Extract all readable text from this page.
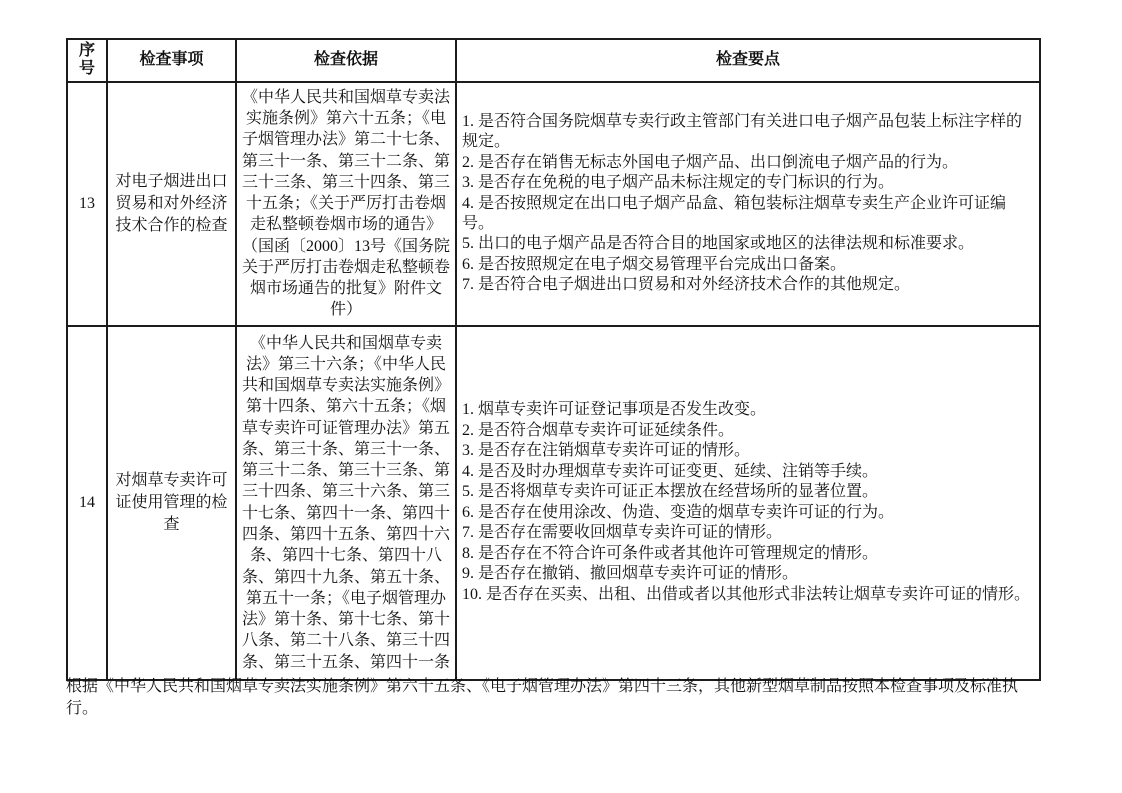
序号	检查事项	检查依据	检查要点
13	对电子烟进出口贸易和对外经济技术合作的检查	《中华人民共和国烟草专卖法实施条例》第六十五条；《电子烟管理办法》第二十七条、第三十一条、第三十二条、第三十三条、第三十四条、第三十五条；《关于严厉打击卷烟走私整顿卷烟市场的通告》（国函〔2000〕13号《国务院关于严厉打击卷烟走私整顿卷烟市场通告的批复》附件文件）	
1. 是否符合国务院烟草专卖行政主管部门有关进口电子烟产品包装上标注字样的规定。
2. 是否存在销售无标志外国电子烟产品、出口倒流电子烟产品的行为。
3. 是否存在免税的电子烟产品未标注规定的专门标识的行为。
4. 是否按照规定在出口电子烟产品盒、箱包装标注烟草专卖生产企业许可证编号。
5. 出口的电子烟产品是否符合目的地国家或地区的法律法规和标准要求。
6. 是否按照规定在电子烟交易管理平台完成出口备案。
7. 是否符合电子烟进出口贸易和对外经济技术合作的其他规定。

14	对烟草专卖许可证使用管理的检查	《中华人民共和国烟草专卖法》第三十六条；《中华人民共和国烟草专卖法实施条例》第十四条、第六十五条；《烟草专卖许可证管理办法》第五条、第三十条、第三十一条、第三十二条、第三十三条、第三十四条、第三十六条、第三十七条、第四十一条、第四十四条、第四十五条、第四十六条、第四十七条、第四十八条、第四十九条、第五十条、第五十一条；《电子烟管理办法》第十条、第十七条、第十八条、第二十八条、第三十四条、第三十五条、第四十一条	
1. 烟草专卖许可证登记事项是否发生改变。
2. 是否符合烟草专卖许可证延续条件。
3. 是否存在注销烟草专卖许可证的情形。
4. 是否及时办理烟草专卖许可证变更、延续、注销等手续。
5. 是否将烟草专卖许可证正本摆放在经营场所的显著位置。
6. 是否存在使用涂改、伪造、变造的烟草专卖许可证的行为。
7. 是否存在需要收回烟草专卖许可证的情形。
8. 是否存在不符合许可条件或者其他许可管理规定的情形。
9. 是否存在撤销、撤回烟草专卖许可证的情形。
10. 是否存在买卖、出租、出借或者以其他形式非法转让烟草专卖许可证的情形。

根据《中华人民共和国烟草专卖法实施条例》第六十五条、《电子烟管理办法》第四十三条，其他新型烟草制品按照本检查事项及标准执行。
